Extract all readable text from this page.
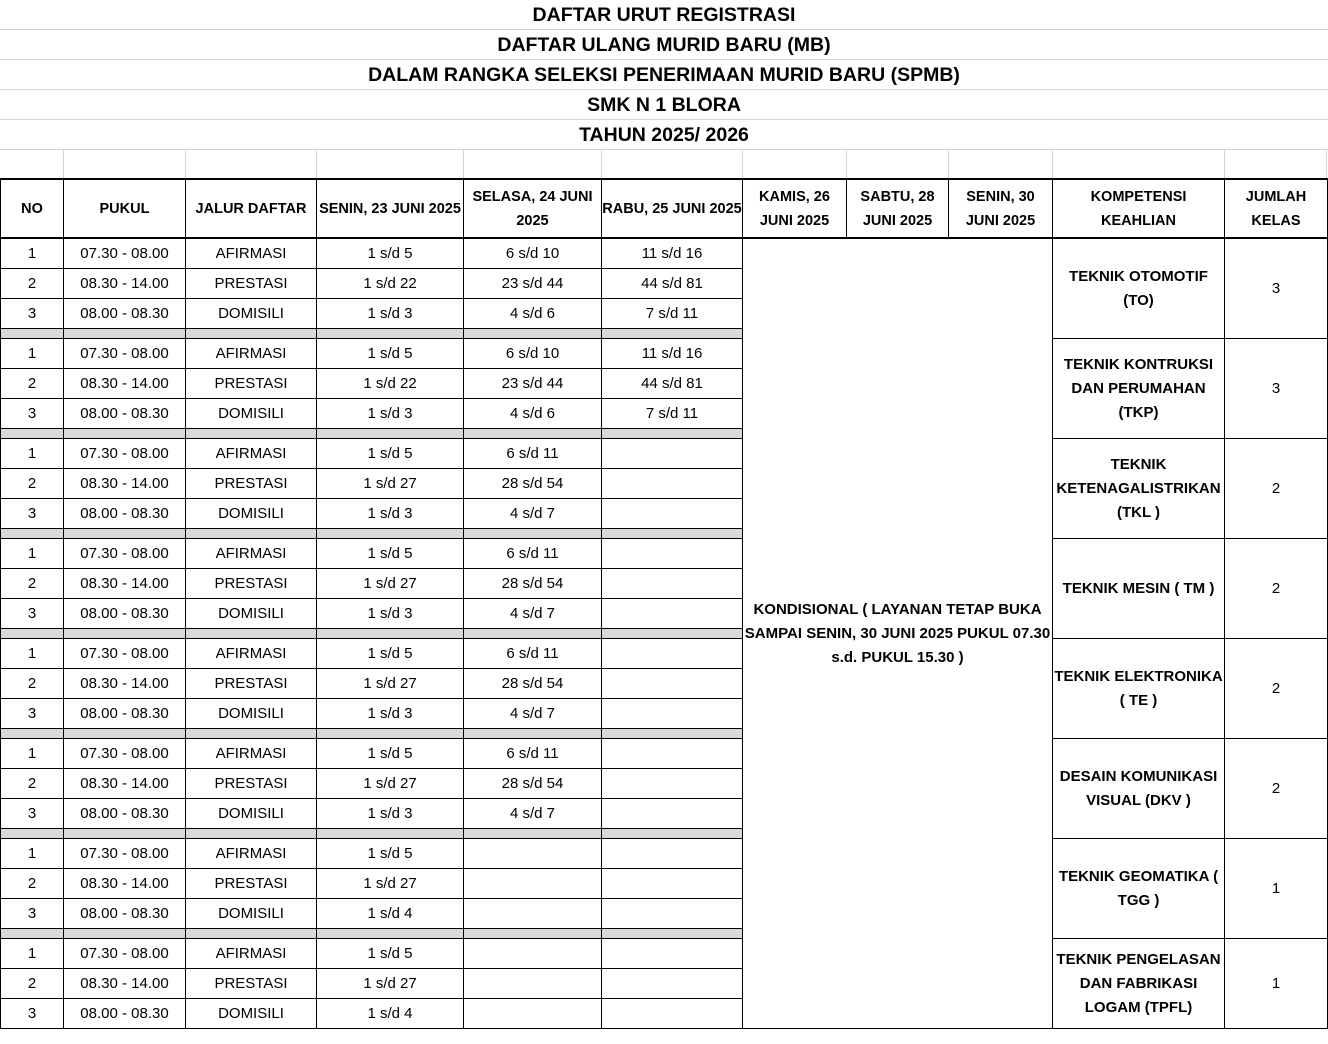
DAFTAR URUT REGISTRASI
DAFTAR ULANG MURID BARU (MB)
DALAM RANGKA SELEKSI PENERIMAAN MURID BARU (SPMB)
SMK N 1 BLORA
TAHUN 2025/ 2026
NO	PUKUL	JALUR DAFTAR	SENIN, 23 JUNI 2025	SELASA, 24 JUNI 2025	RABU, 25 JUNI 2025	KAMIS, 26 JUNI 2025	SABTU, 28 JUNI 2025	SENIN, 30 JUNI 2025	KOMPETENSI KEAHLIAN	JUMLAH KELAS
1	07.30 - 08.00	AFIRMASI	1 s/d 5	6 s/d 10	11 s/d 16	KONDISIONAL ( LAYANAN TETAP BUKA SAMPAI SENIN, 30 JUNI 2025 PUKUL 07.30 s.d. PUKUL 15.30 )			TEKNIK OTOMOTIF (TO)	3
2	08.30 - 14.00	PRESTASI	1 s/d 22	23 s/d 44	44 s/d 81					
3	08.00 - 08.30	DOMISILI	1 s/d 3	4 s/d 6	7 s/d 11					

1	07.30 - 08.00	AFIRMASI	1 s/d 5	6 s/d 10	11 s/d 16				TEKNIK KONTRUKSI DAN PERUMAHAN (TKP)	3
2	08.30 - 14.00	PRESTASI	1 s/d 22	23 s/d 44	44 s/d 81					
3	08.00 - 08.30	DOMISILI	1 s/d 3	4 s/d 6	7 s/d 11					

1	07.30 - 08.00	AFIRMASI	1 s/d 5	6 s/d 11					TEKNIK KETENAGALISTRIKAN (TKL )	2
2	08.30 - 14.00	PRESTASI	1 s/d 27	28 s/d 54						
3	08.00 - 08.30	DOMISILI	1 s/d 3	4 s/d 7						

1	07.30 - 08.00	AFIRMASI	1 s/d 5	6 s/d 11					TEKNIK MESIN ( TM )	2
2	08.30 - 14.00	PRESTASI	1 s/d 27	28 s/d 54						
3	08.00 - 08.30	DOMISILI	1 s/d 3	4 s/d 7						

1	07.30 - 08.00	AFIRMASI	1 s/d 5	6 s/d 11					TEKNIK ELEKTRONIKA ( TE )	2
2	08.30 - 14.00	PRESTASI	1 s/d 27	28 s/d 54						
3	08.00 - 08.30	DOMISILI	1 s/d 3	4 s/d 7						

1	07.30 - 08.00	AFIRMASI	1 s/d 5	6 s/d 11					DESAIN KOMUNIKASI VISUAL (DKV )	2
2	08.30 - 14.00	PRESTASI	1 s/d 27	28 s/d 54						
3	08.00 - 08.30	DOMISILI	1 s/d 3	4 s/d 7						

1	07.30 - 08.00	AFIRMASI	1 s/d 5						TEKNIK GEOMATIKA ( TGG )	1
2	08.30 - 14.00	PRESTASI	1 s/d 27							
3	08.00 - 08.30	DOMISILI	1 s/d 4							

1	07.30 - 08.00	AFIRMASI	1 s/d 5						TEKNIK PENGELASAN DAN FABRIKASI LOGAM (TPFL)	1
2	08.30 - 14.00	PRESTASI	1 s/d 27							
3	08.00 - 08.30	DOMISILI	1 s/d 4							
